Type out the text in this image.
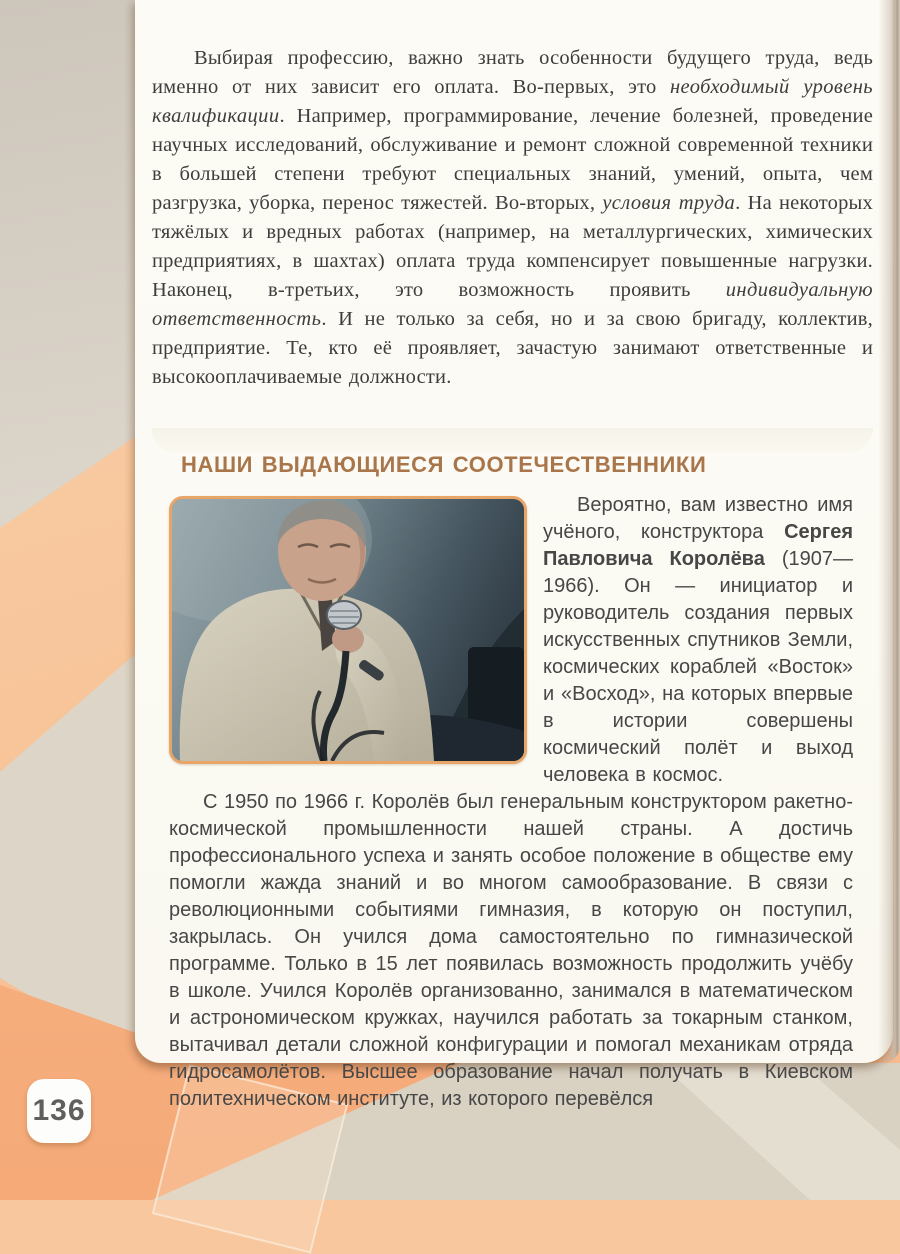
Выбирая профессию, важно знать особенности будущего труда, ведь именно от них зависит его оплата. Во-первых, это необходимый уровень квалификации. Например, программирование, лечение болезней, проведение научных исследований, обслуживание и ремонт сложной современной техники в большей степени требуют специальных знаний, умений, опыта, чем разгрузка, уборка, перенос тяжестей. Во-вторых, условия труда. На некоторых тяжёлых и вредных работах (например, на металлургических, химических предприятиях, в шахтах) оплата труда компенсирует повышенные нагрузки. Наконец, в-третьих, это возможность проявить индивидуальную ответственность. И не только за себя, но и за свою бригаду, коллектив, предприятие. Те, кто её проявляет, зачастую занимают ответственные и высокооплачиваемые должности.

НАШИ ВЫДАЮЩИЕСЯ СООТЕЧЕСТВЕННИКИ

Вероятно, вам известно имя учёного, конструктора Сергея Павловича Королёва (1907—1966). Он — инициатор и руководитель создания первых искусственных спутников Земли, космических кораблей «Восток» и «Восход», на которых впервые в истории совершены космический полёт и выход человека в космос.

С 1950 по 1966 г. Королёв был генеральным конструктором ракетно-космической промышленности нашей страны. А достичь профессионального успеха и занять особое положение в обществе ему помогли жажда знаний и во многом самообразование. В связи с революционными событиями гимназия, в которую он поступил, закрылась. Он учился дома самостоятельно по гимназической программе. Только в 15 лет появилась возможность продолжить учёбу в школе. Учился Королёв организованно, занимался в математическом и астрономическом кружках, научился работать за токарным станком, вытачивал детали сложной конфигурации и помогал механикам отряда гидросамолётов. Высшее образование начал получать в Киевском политехническом институте, из которого перевёлся

136
